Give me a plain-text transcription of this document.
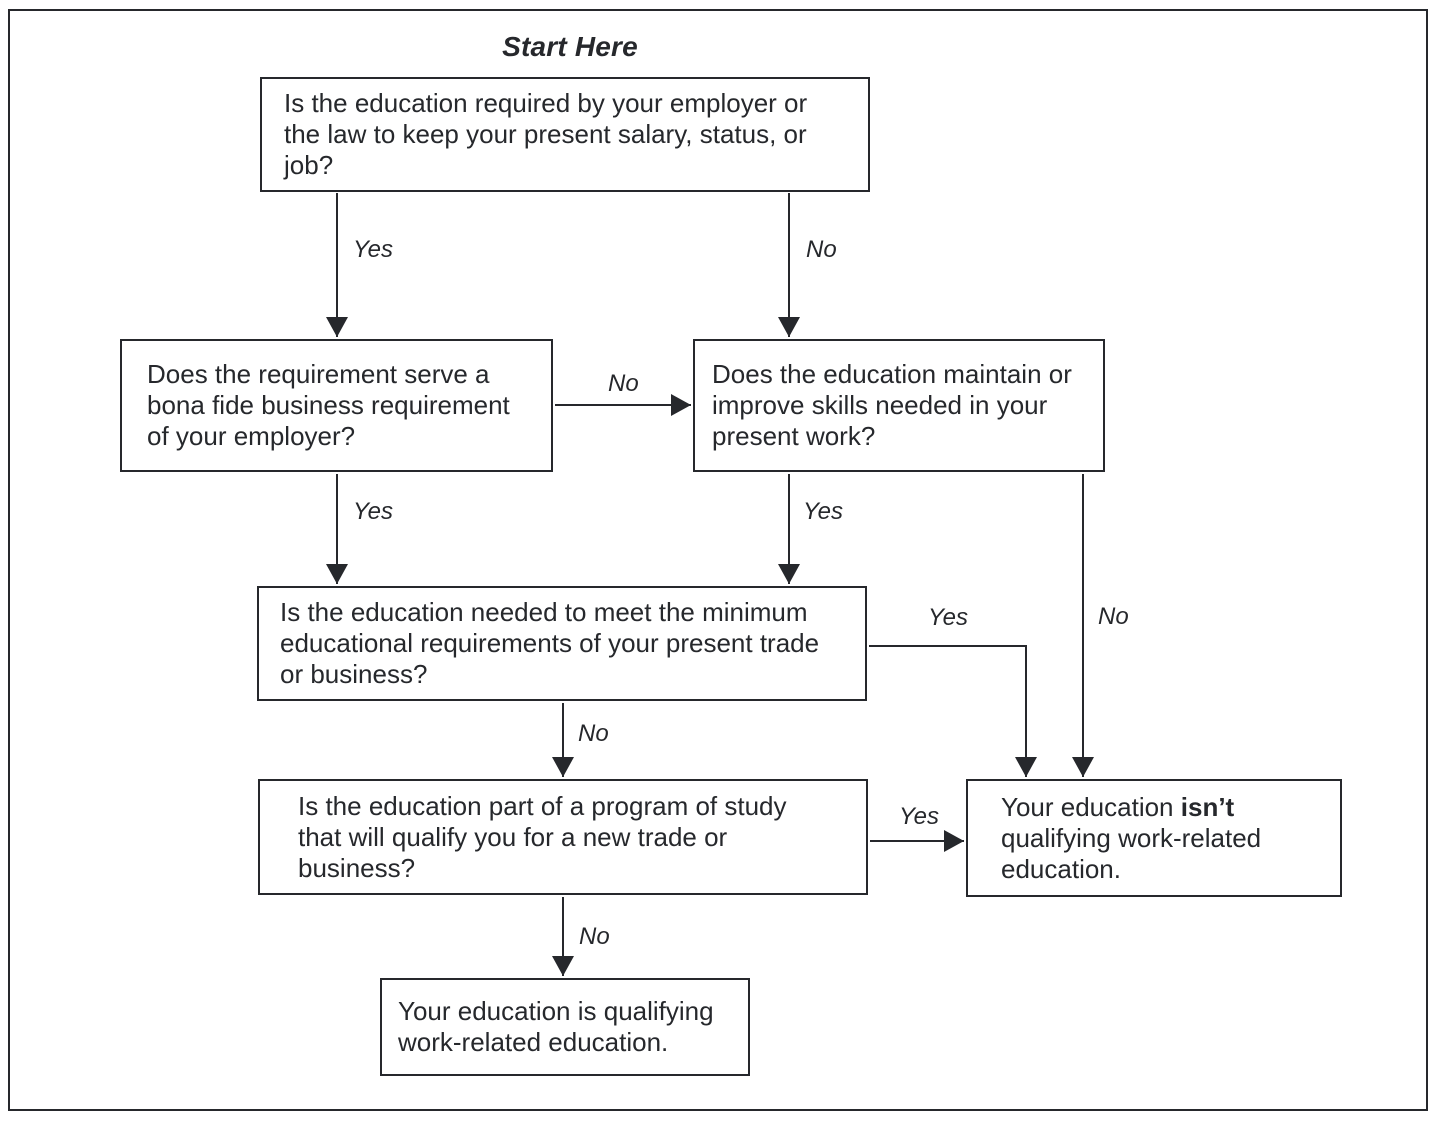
Start Here
Is the education required by your employer or
the law to keep your present salary, status, or
job?
Does the requirement serve a
bona fide business requirement
of your employer?
Does the education maintain or
improve skills needed in your
present work?
Is the education needed to meet the minimum
educational requirements of your present trade
or business?
Is the education part of a program of study
that will qualify you for a new trade or
business?
Your education isn’t
qualifying work-related
education.
Your education is qualifying
work-related education.
Yes	No
No
Yes	Yes
No
Yes
No
Yes
No
